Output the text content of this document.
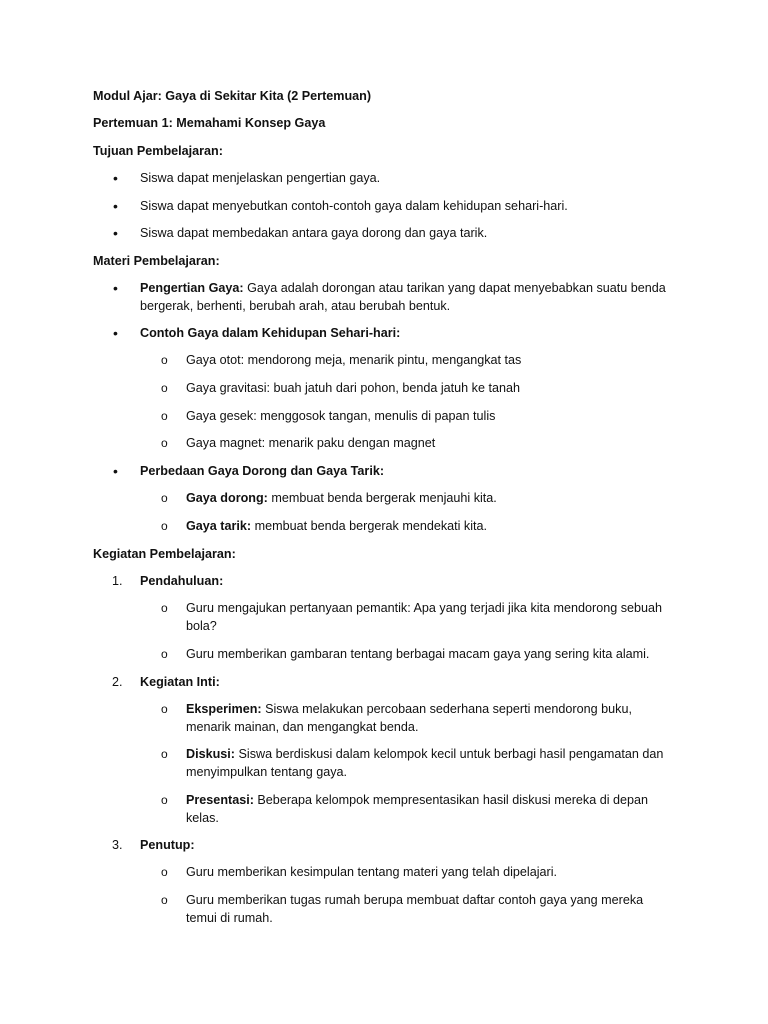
Modul Ajar: Gaya di Sekitar Kita (2 Pertemuan)
Pertemuan 1: Memahami Konsep Gaya
Tujuan Pembelajaran:
•	Siswa dapat menjelaskan pengertian gaya.
•	Siswa dapat menyebutkan contoh-contoh gaya dalam kehidupan sehari-hari.
•	Siswa dapat membedakan antara gaya dorong dan gaya tarik.
Materi Pembelajaran:
•	Pengertian Gaya: Gaya adalah dorongan atau tarikan yang dapat menyebabkan suatu benda bergerak, berhenti, berubah arah, atau berubah bentuk.
•	Contoh Gaya dalam Kehidupan Sehari-hari:
o	Gaya otot: mendorong meja, menarik pintu, mengangkat tas
o	Gaya gravitasi: buah jatuh dari pohon, benda jatuh ke tanah
o	Gaya gesek: menggosok tangan, menulis di papan tulis
o	Gaya magnet: menarik paku dengan magnet
•	Perbedaan Gaya Dorong dan Gaya Tarik:
o	Gaya dorong: membuat benda bergerak menjauhi kita.
o	Gaya tarik: membuat benda bergerak mendekati kita.
Kegiatan Pembelajaran:
1.	Pendahuluan:
o	Guru mengajukan pertanyaan pemantik: Apa yang terjadi jika kita mendorong sebuah bola?
o	Guru memberikan gambaran tentang berbagai macam gaya yang sering kita alami.
2.	Kegiatan Inti:
o	Eksperimen: Siswa melakukan percobaan sederhana seperti mendorong buku, menarik mainan, dan mengangkat benda.
o	Diskusi: Siswa berdiskusi dalam kelompok kecil untuk berbagi hasil pengamatan dan menyimpulkan tentang gaya.
o	Presentasi: Beberapa kelompok mempresentasikan hasil diskusi mereka di depan kelas.
3.	Penutup:
o	Guru memberikan kesimpulan tentang materi yang telah dipelajari.
o	Guru memberikan tugas rumah berupa membuat daftar contoh gaya yang mereka temui di rumah.
